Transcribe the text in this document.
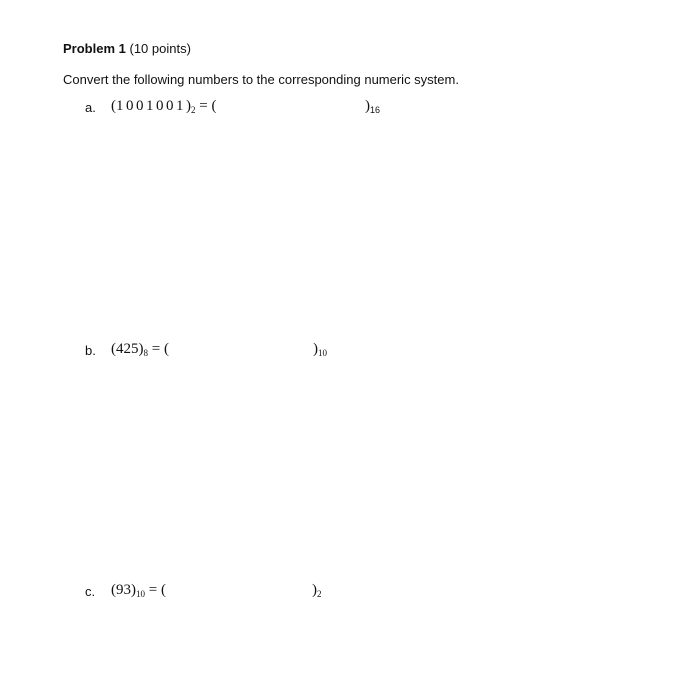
Problem 1 (10 points)
Convert the following numbers to the corresponding numeric system.
a. $(1001001)_2$ = (	)$_{16}$
b. $(425)_8$ = (	)$_{10}$
c. $(93)_{10}$ = (	)$_2$
